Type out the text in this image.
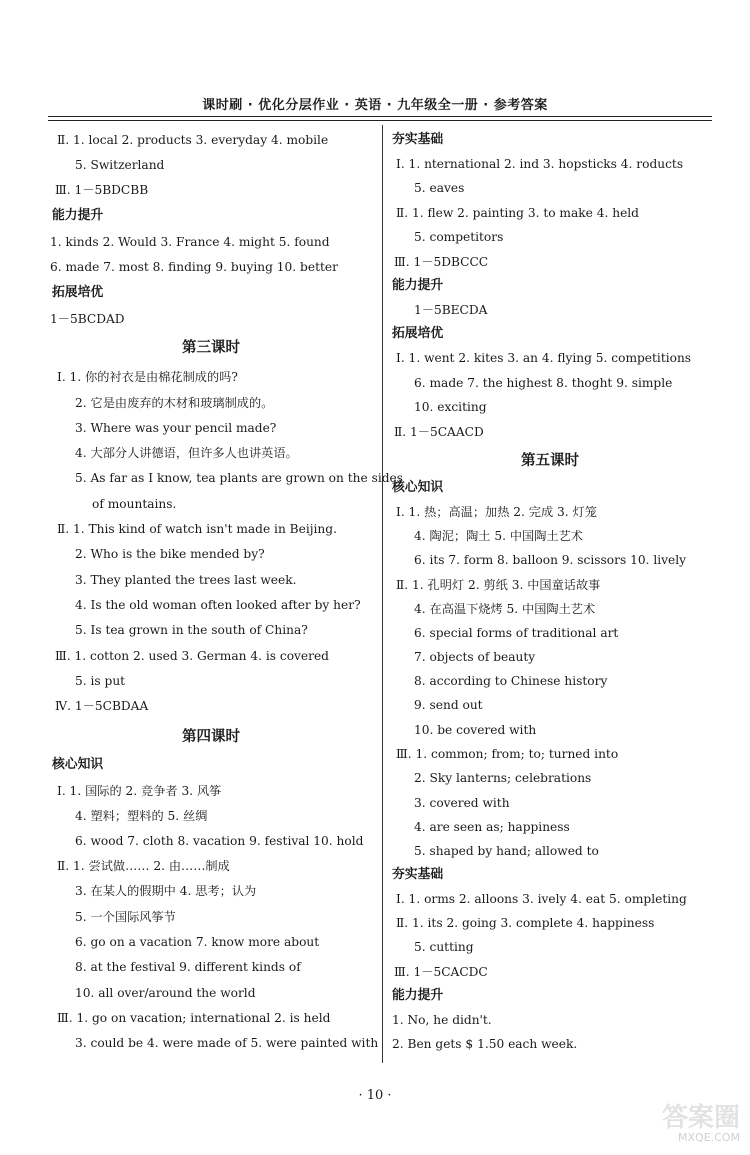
课时刷 · 优化分层作业 · 英语 · 九年级全一册 · 参考答案
Ⅱ. 1. local 2. products 3. everyday 4. mobile
5. Switzerland
Ⅲ. 1－5BDCBB
能力提升
1. kinds 2. Would 3. France 4. might 5. found
6. made 7. most 8. finding 9. buying 10. better
拓展培优
1－5BCDAD
第三课时
Ⅰ. 1. 你的衬衣是由棉花制成的吗?
2. 它是由废弃的木材和玻璃制成的。
3. Where was your pencil made?
4. 大部分人讲德语，但许多人也讲英语。
5. As far as I know, tea plants are grown on the sides
of mountains.
Ⅱ. 1. This kind of watch isn't made in Beijing.
2. Who is the bike mended by?
3. They planted the trees last week.
4. Is the old woman often looked after by her?
5. Is tea grown in the south of China?
Ⅲ. 1. cotton 2. used 3. German 4. is covered
5. is put
Ⅳ. 1－5CBDAA
第四课时
核心知识
Ⅰ. 1. 国际的 2. 竞争者 3. 风筝
4. 塑料；塑料的 5. 丝绸
6. wood 7. cloth 8. vacation 9. festival 10. hold
Ⅱ. 1. 尝试做…… 2. 由……制成
3. 在某人的假期中 4. 思考；认为
5. 一个国际风筝节
6. go on a vacation 7. know more about
8. at the festival 9. different kinds of
10. all over/around the world
Ⅲ. 1. go on vacation; international 2. is held
3. could be 4. were made of 5. were painted with
夯实基础
Ⅰ. 1. nternational 2. ind 3. hopsticks 4. roducts
5. eaves
Ⅱ. 1. flew 2. painting 3. to make 4. held
5. competitors
Ⅲ. 1－5DBCCC
能力提升
1－5BECDA
拓展培优
Ⅰ. 1. went 2. kites 3. an 4. flying 5. competitions
6. made 7. the highest 8. thoght 9. simple
10. exciting
Ⅱ. 1－5CAACD
第五课时
核心知识
Ⅰ. 1. 热；高温；加热 2. 完成 3. 灯笼
4. 陶泥；陶土 5. 中国陶土艺术
6. its 7. form 8. balloon 9. scissors 10. lively
Ⅱ. 1. 孔明灯 2. 剪纸 3. 中国童话故事
4. 在高温下烧烤 5. 中国陶土艺术
6. special forms of traditional art
7. objects of beauty
8. according to Chinese history
9. send out
10. be covered with
Ⅲ. 1. common; from; to; turned into
2. Sky lanterns; celebrations
3. covered with
4. are seen as; happiness
5. shaped by hand; allowed to
夯实基础
Ⅰ. 1. orms 2. alloons 3. ively 4. eat 5. ompleting
Ⅱ. 1. its 2. going 3. complete 4. happiness
5. cutting
Ⅲ. 1－5CACDC
能力提升
1. No, he didn't.
2. Ben gets $ 1.50 each week.
· 10 ·
答案圈
MXQE.COM
